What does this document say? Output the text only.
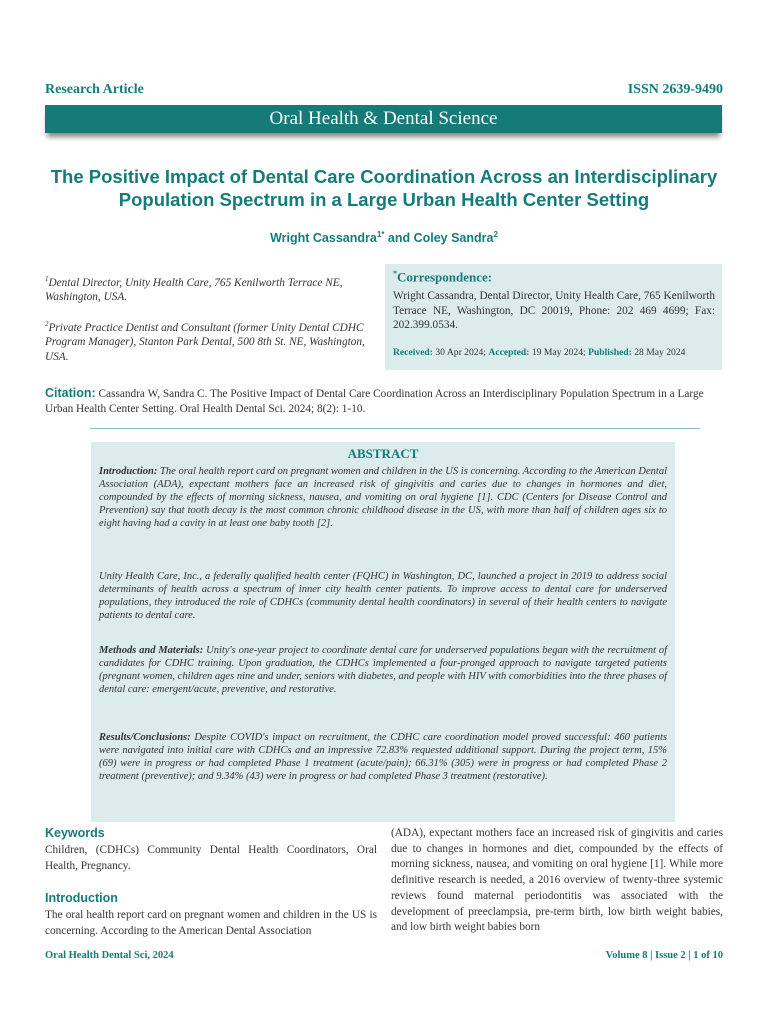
Research Article	ISSN 2639-9490
Oral Health & Dental Science
The Positive Impact of Dental Care Coordination Across an Interdisciplinary Population Spectrum in a Large Urban Health Center Setting
Wright Cassandra$^{1*}$ and Coley Sandra$^2$
$^1$Dental Director, Unity Health Care, 765 Kenilworth Terrace NE, Washington, USA.
$^2$Private Practice Dentist and Consultant (former Unity Dental CDHC Program Manager), Stanton Park Dental, 500 8th St. NE, Washington, USA.
*Correspondence:
Wright Cassandra, Dental Director, Unity Health Care, 765 Kenilworth Terrace NE, Washington, DC 20019, Phone: 202 469 4699; Fax: 202.399.0534.
Received: 30 Apr 2024; Accepted: 19 May 2024; Published: 28 May 2024
Citation: Cassandra W, Sandra C. The Positive Impact of Dental Care Coordination Across an Interdisciplinary Population Spectrum in a Large Urban Health Center Setting. Oral Health Dental Sci. 2024; 8(2): 1-10.
ABSTRACT
Introduction: The oral health report card on pregnant women and children in the US is concerning. According to the American Dental Association (ADA), expectant mothers face an increased risk of gingivitis and caries due to changes in hormones and diet, compounded by the effects of morning sickness, nausea, and vomiting on oral hygiene [1]. CDC (Centers for Disease Control and Prevention) say that tooth decay is the most common chronic childhood disease in the US, with more than half of children ages six to eight having had a cavity in at least one baby tooth [2].
Unity Health Care, Inc., a federally qualified health center (FQHC) in Washington, DC, launched a project in 2019 to address social determinants of health across a spectrum of inner city health center patients. To improve access to dental care for underserved populations, they introduced the role of CDHCs (community dental health coordinators) in several of their health centers to navigate patients to dental care.
Methods and Materials: Unity's one-year project to coordinate dental care for underserved populations began with the recruitment of candidates for CDHC training. Upon graduation, the CDHCs implemented a four-pronged approach to navigate targeted patients (pregnant women, children ages nine and under, seniors with diabetes, and people with HIV with comorbidities into the three phases of dental care: emergent/acute, preventive, and restorative.
Results/Conclusions: Despite COVID's impact on recruitment, the CDHC care coordination model proved successful: 460 patients were navigated into initial care with CDHCs and an impressive 72.83% requested additional support. During the project term, 15% (69) were in progress or had completed Phase 1 treatment (acute/pain); 66.31% (305) were in progress or had completed Phase 2 treatment (preventive); and 9.34% (43) were in progress or had completed Phase 3 treatment (restorative).
Keywords
Children, (CDHCs) Community Dental Health Coordinators, Oral Health, Pregnancy.
Introduction
The oral health report card on pregnant women and children in the US is concerning. According to the American Dental Association
(ADA), expectant mothers face an increased risk of gingivitis and caries due to changes in hormones and diet, compounded by the effects of morning sickness, nausea, and vomiting on oral hygiene [1]. While more definitive research is needed, a 2016 overview of twenty-three systemic reviews found maternal periodontitis was associated with the development of preeclampsia, pre-term birth, low birth weight babies, and low birth weight babies born
Oral Health Dental Sci, 2024	Volume 8 | Issue 2 | 1 of 10
